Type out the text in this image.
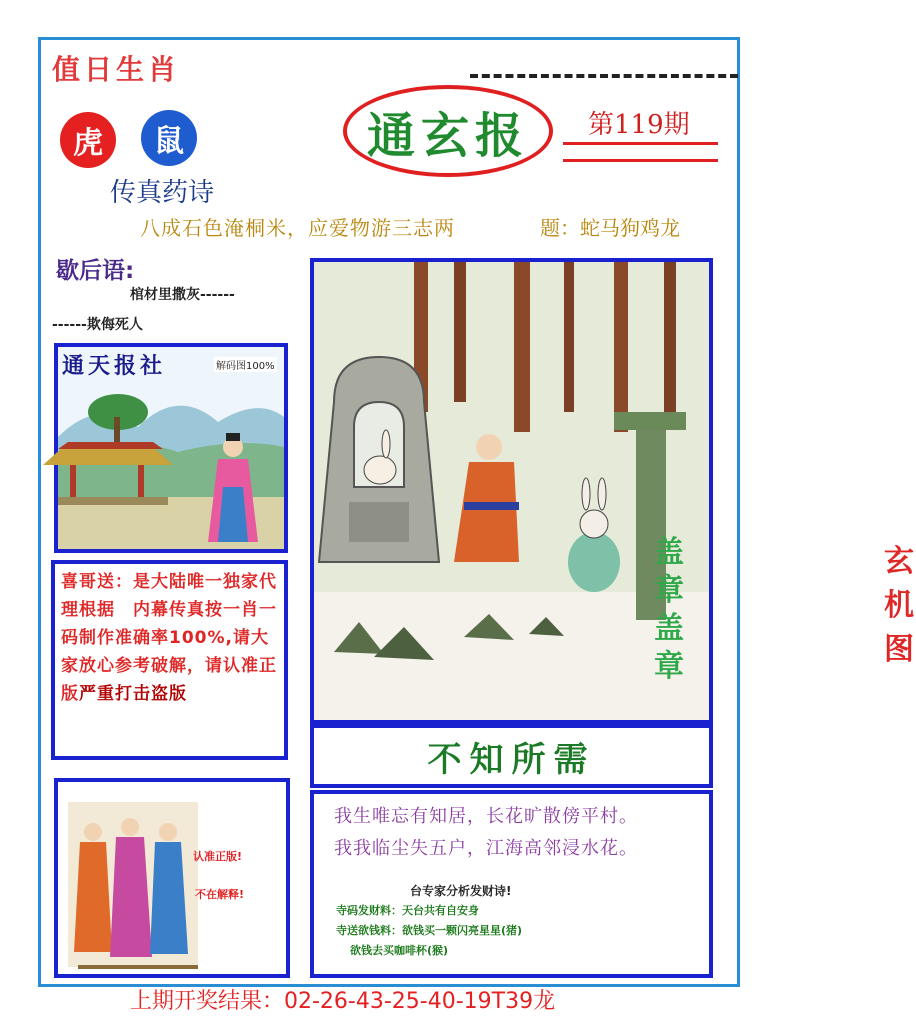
值日生肖
通玄报 第119期
虎 鼠
传真药诗
八成石色淹桐米，应爱物游三志两	题：蛇马狗鸡龙
歇后语:
棺材里撒灰------
------欺侮死人
通天报社	解码图100%
喜哥送：是大陆唯一独家代理根据　内幕传真按一肖一码制作准确率100%,请大家放心参考破解，请认准正版严重打击盗版
盖章
盖章
玄机图
不知所需
我生唯忘有知居，长花旷散傍平村。
我我临尘失五户，江海高邻浸水花。
台专家分析发财诗!
寺码发财料：天台共有自安身
寺送欲钱料：欲钱买一颗闪亮星星(猪)
欲钱去买咖啡杯(猴)
认准正版!
不在解释!
上期开奖结果：02-26-43-25-40-19T39龙
